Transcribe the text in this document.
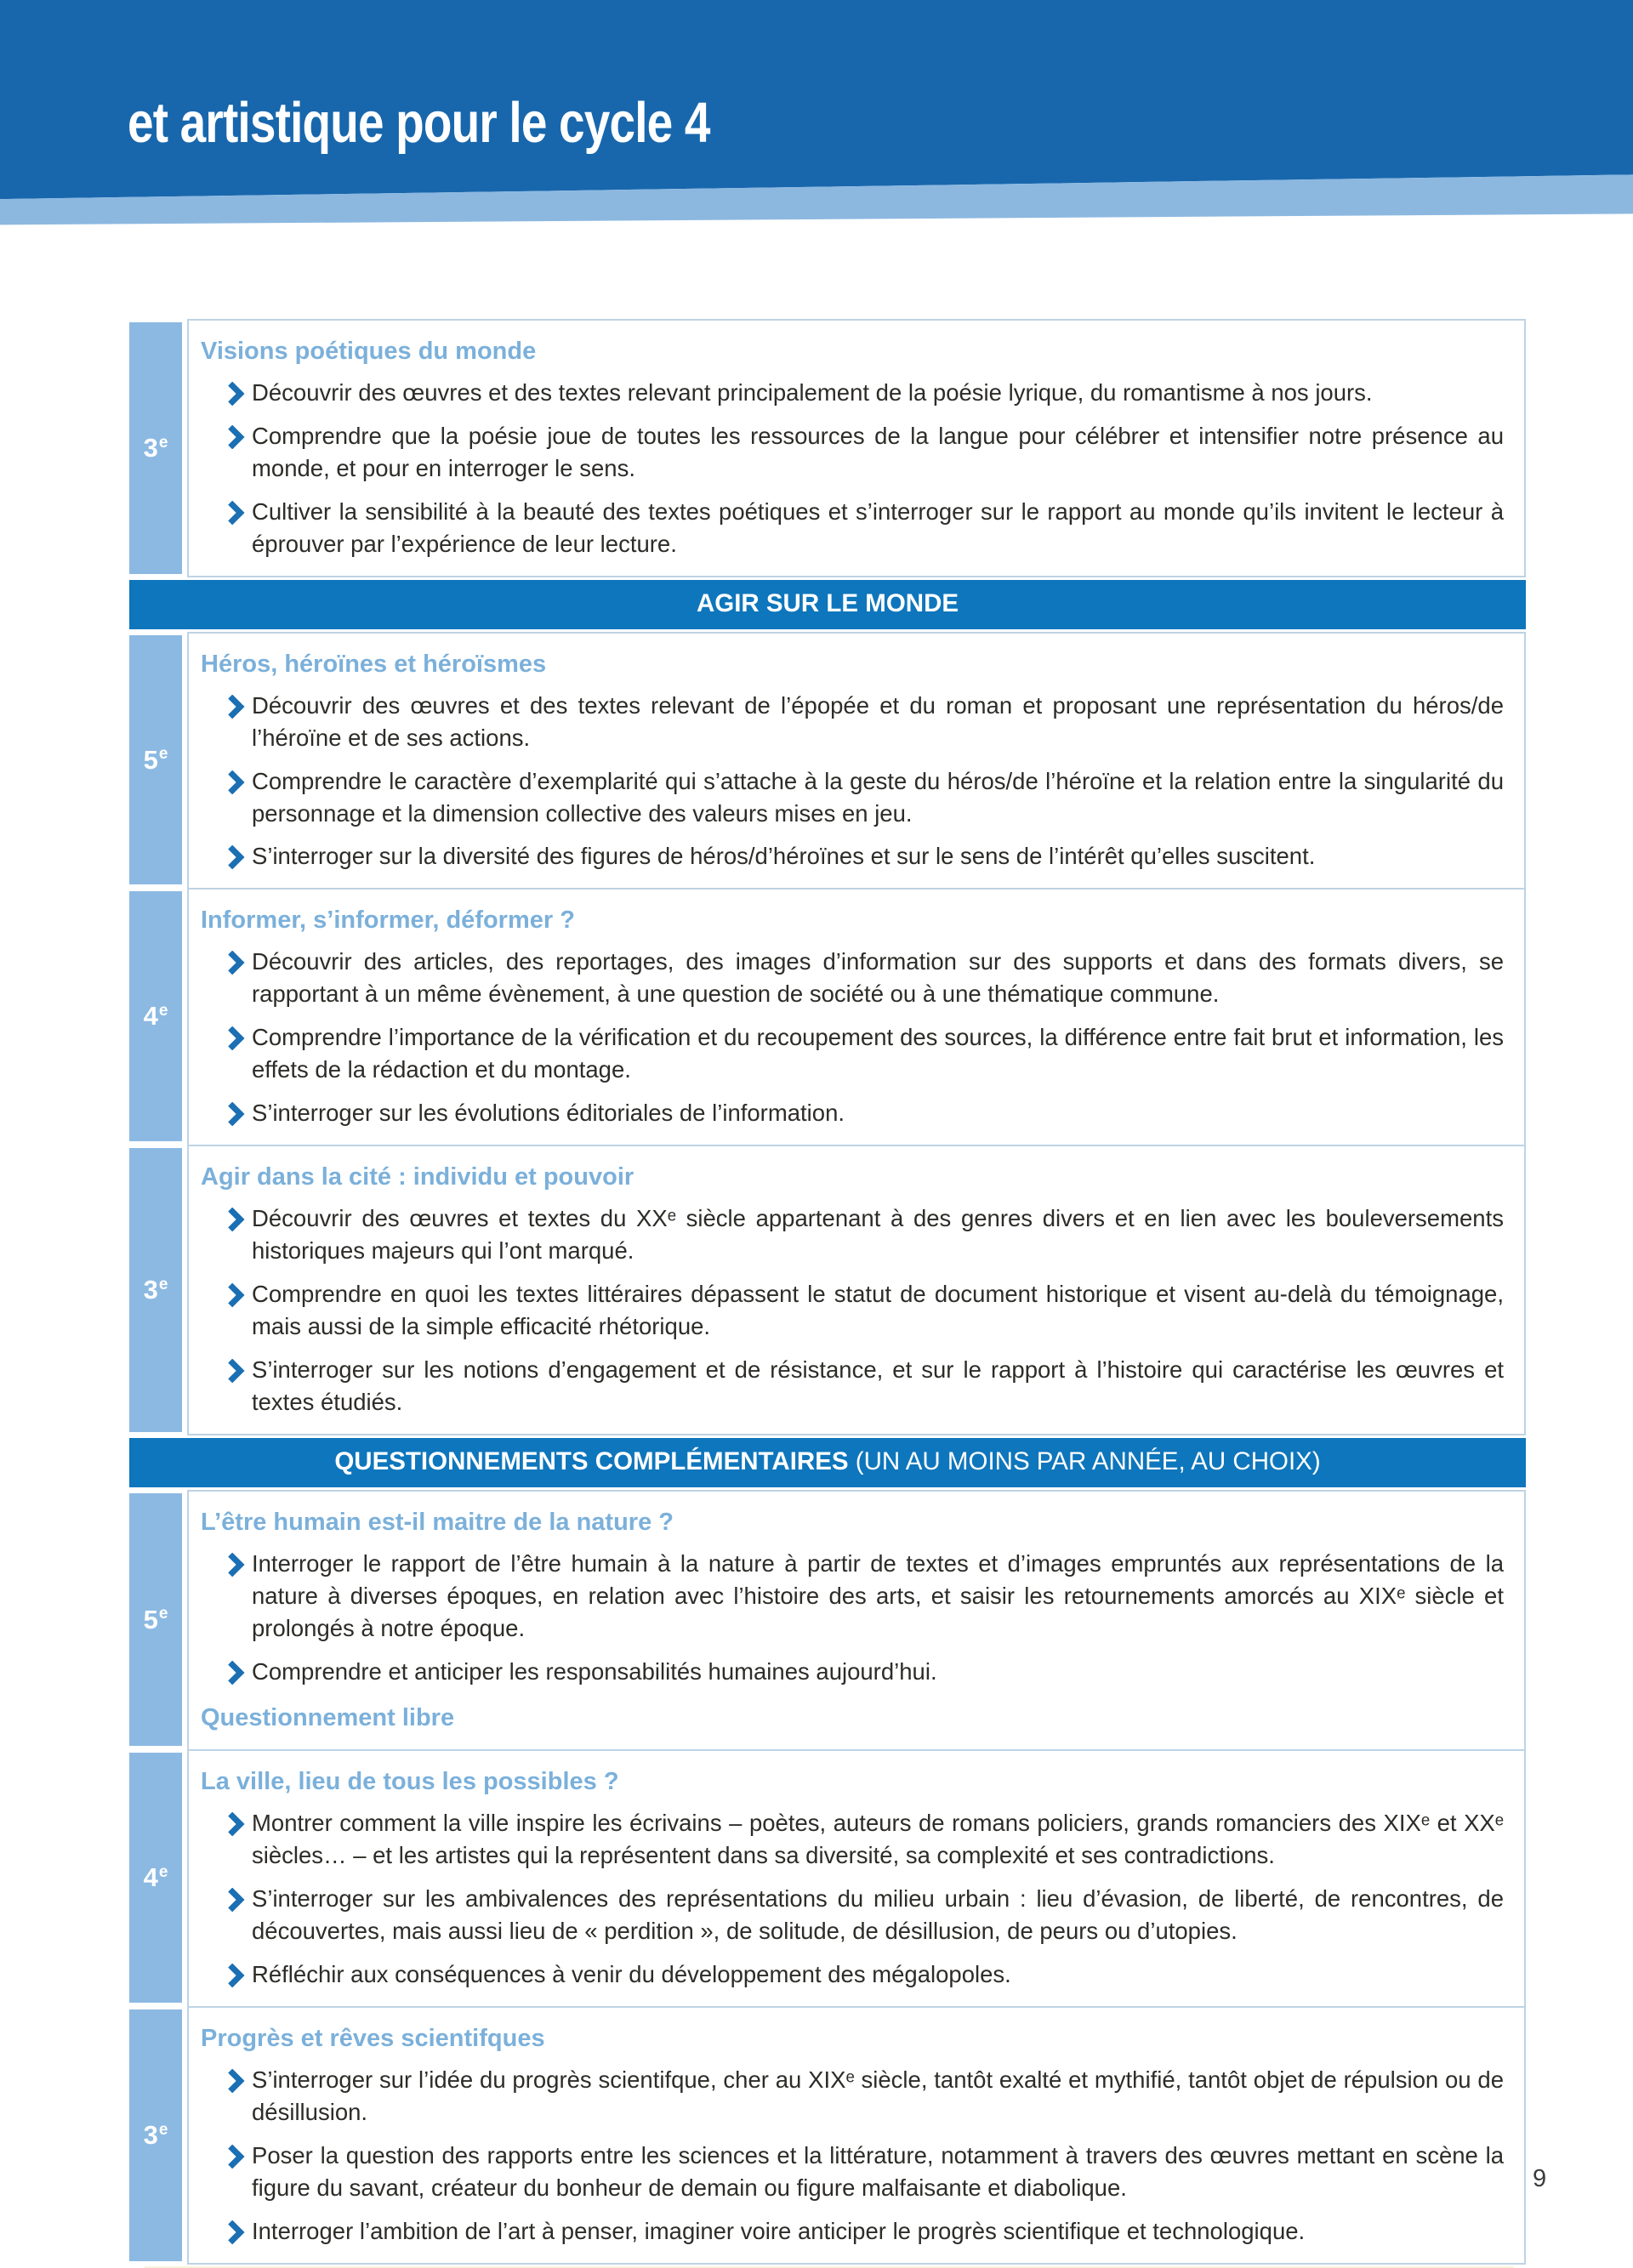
et artistique pour le cycle 4
3e
Visions poétiques du monde
Découvrir des œuvres et des textes relevant principalement de la poésie lyrique, du romantisme à nos jours.
Comprendre que la poésie joue de toutes les ressources de la langue pour célébrer et intensifier notre présence au monde, et pour en interroger le sens.
Cultiver la sensibilité à la beauté des textes poétiques et s’interroger sur le rapport au monde qu’ils invitent le lecteur à éprouver par l’expérience de leur lecture.
AGIR SUR LE MONDE
5e
Héros, héroïnes et héroïsmes
Découvrir des œuvres et des textes relevant de l’épopée et du roman et proposant une représentation du héros/de l’héroïne et de ses actions.
Comprendre le caractère d’exemplarité qui s’attache à la geste du héros/de l’héroïne et la relation entre la singularité du personnage et la dimension collective des valeurs mises en jeu.
S’interroger sur la diversité des figures de héros/d’héroïnes et sur le sens de l’intérêt qu’elles suscitent.
4e
Informer, s’informer, déformer ?
Découvrir des articles, des reportages, des images d’information sur des supports et dans des formats divers, se rapportant à un même évènement, à une question de société ou à une thématique commune.
Comprendre l’importance de la vérification et du recoupement des sources, la différence entre fait brut et information, les effets de la rédaction et du montage.
S’interroger sur les évolutions éditoriales de l’information.
3e
Agir dans la cité : individu et pouvoir
Découvrir des œuvres et textes du XXᵉ siècle appartenant à des genres divers et en lien avec les bouleversements historiques majeurs qui l’ont marqué.
Comprendre en quoi les textes littéraires dépassent le statut de document historique et visent au-delà du témoignage, mais aussi de la simple efficacité rhétorique.
S’interroger sur les notions d’engagement et de résistance, et sur le rapport à l’histoire qui caractérise les œuvres et textes étudiés.
QUESTIONNEMENTS COMPLÉMENTAIRES (UN AU MOINS PAR ANNÉE, AU CHOIX)
5e
L’être humain est-il maitre de la nature ?
Interroger le rapport de l’être humain à la nature à partir de textes et d’images empruntés aux représentations de la nature à diverses époques, en relation avec l’histoire des arts, et saisir les retournements amorcés au XIXᵉ siècle et prolongés à notre époque.
Comprendre et anticiper les responsabilités humaines aujourd’hui.
Questionnement libre
4e
La ville, lieu de tous les possibles ?
Montrer comment la ville inspire les écrivains – poètes, auteurs de romans policiers, grands romanciers des XIXᵉ et XXᵉ siècles… – et les artistes qui la représentent dans sa diversité, sa complexité et ses contradictions.
S’interroger sur les ambivalences des représentations du milieu urbain : lieu d’évasion, de liberté, de rencontres, de découvertes, mais aussi lieu de « perdition », de solitude, de désillusion, de peurs ou d’utopies.
Réfléchir aux conséquences à venir du développement des mégalopoles.
3e
Progrès et rêves scientifques
S’interroger sur l’idée du progrès scientifque, cher au XIXᵉ siècle, tantôt exalté et mythifié, tantôt objet de répulsion ou de désillusion.
Poser la question des rapports entre les sciences et la littérature, notamment à travers des œuvres mettant en scène la figure du savant, créateur du bonheur de demain ou figure malfaisante et diabolique.
Interroger l’ambition de l’art à penser, imaginer voire anticiper le progrès scientifique et technologique.
9
